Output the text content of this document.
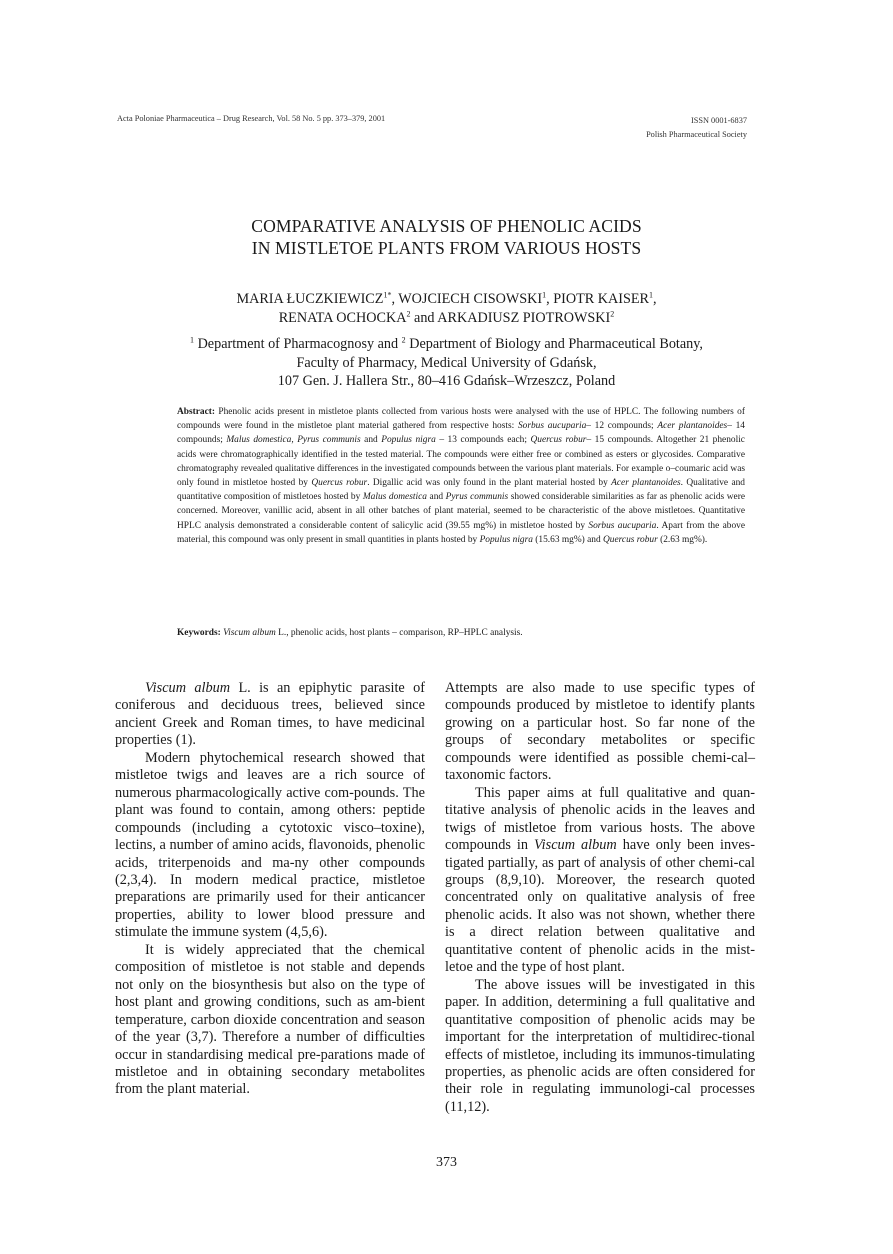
Acta Poloniae Pharmaceutica – Drug Research, Vol. 58 No. 5 pp. 373–379, 2001	ISSN 0001-6837
Polish Pharmaceutical Society
COMPARATIVE ANALYSIS OF PHENOLIC ACIDS
IN MISTLETOE PLANTS FROM VARIOUS HOSTS
MARIA $ŁUCZKIEWICZ^{1*}$, WOJCIECH CISOWSKI$^1$, PIOTR KAISER$^1$,
RENATA OCHOCKA$^2$ and ARKADIUSZ PIOTROWSKI$^2$
$^1$ Department of Pharmacognosy and $^2$ Department of Biology and Pharmaceutical Botany,
Faculty of Pharmacy, Medical University of Gdańsk,
107 Gen. J. Hallera Str., 80–416 Gdańsk–Wrzeszcz, Poland
Abstract: Phenolic acids present in mistletoe plants collected from various hosts were analysed with the use of HPLC. The following numbers of compounds were found in the mistletoe plant material gathered from respective hosts: Sorbus aucuparia– 12 compounds; Acer plantanoides– 14 compounds; Malus domestica, Pyrus communis and Populus nigra – 13 compounds each; Quercus robur– 15 compounds. Altogether 21 phenolic acids were chromatographically identified in the tested material. The compounds were either free or combined as esters or glycosides. Comparative chromatography revealed qualitative differences in the investigated compounds between the various plant materials. For example o–coumaric acid was only found in mistletoe hosted by Quercus robur. Digallic acid was only found in the plant material hosted by Acer plantanoides. Qualitative and quantitative composition of mistletoes hosted by Malus domestica and Pyrus communis showed considerable similarities as far as phenolic acids were concerned. Moreover, vanillic acid, absent in all other batches of plant material, seemed to be characteristic of the above mistletoes. Quantitative HPLC analysis demonstrated a considerable content of salicylic acid (39.55 mg%) in mistletoe hosted by Sorbus aucuparia. Apart from the above material, this compound was only present in small quantities in plants hosted by Populus nigra (15.63 mg%) and Quercus robur (2.63 mg%).
Keywords: Viscum album L., phenolic acids, host plants – comparison, RP–HPLC analysis.

Viscum album L. is an epiphytic parasite of coniferous and deciduous trees, believed since ancient Greek and Roman times, to have medicinal properties (1).

Modern phytochemical research showed that mistletoe twigs and leaves are a rich source of numerous pharmacologically active com-pounds. The plant was found to contain, among others: peptide compounds (including a cytotoxic visco–toxine), lectins, a number of amino acids, flavonoids, phenolic acids, triterpenoids and ma-ny other compounds (2,3,4). In modern medical practice, mistletoe preparations are primarily used for their anticancer properties, ability to lower blood pressure and stimulate the immune system (4,5,6).

It is widely appreciated that the chemical composition of mistletoe is not stable and depends not only on the biosynthesis but also on the type of host plant and growing conditions, such as am-bient temperature, carbon dioxide concentration and season of the year (3,7). Therefore a number of difficulties occur in standardising medical pre-parations made of mistletoe and in obtaining secondary metabolites from the plant material.

Attempts are also made to use specific types of compounds produced by mistletoe to identify plants growing on a particular host. So far none of the groups of secondary metabolites or specific compounds were identified as possible chemi-cal–taxonomic factors.

This paper aims at full qualitative and quan-titative analysis of phenolic acids in the leaves and twigs of mistletoe from various hosts. The above compounds in Viscum album have only been inves-tigated partially, as part of analysis of other chemi-cal groups (8,9,10). Moreover, the research quoted concentrated only on qualitative analysis of free phenolic acids. It also was not shown, whether there is a direct relation between qualitative and quantitative content of phenolic acids in the mist-letoe and the type of host plant.

The above issues will be investigated in this paper. In addition, determining a full qualitative and quantitative composition of phenolic acids may be important for the interpretation of multidirec-tional effects of mistletoe, including its immunos-timulating properties, as phenolic acids are often considered for their role in regulating immunologi-cal processes (11,12).

373
